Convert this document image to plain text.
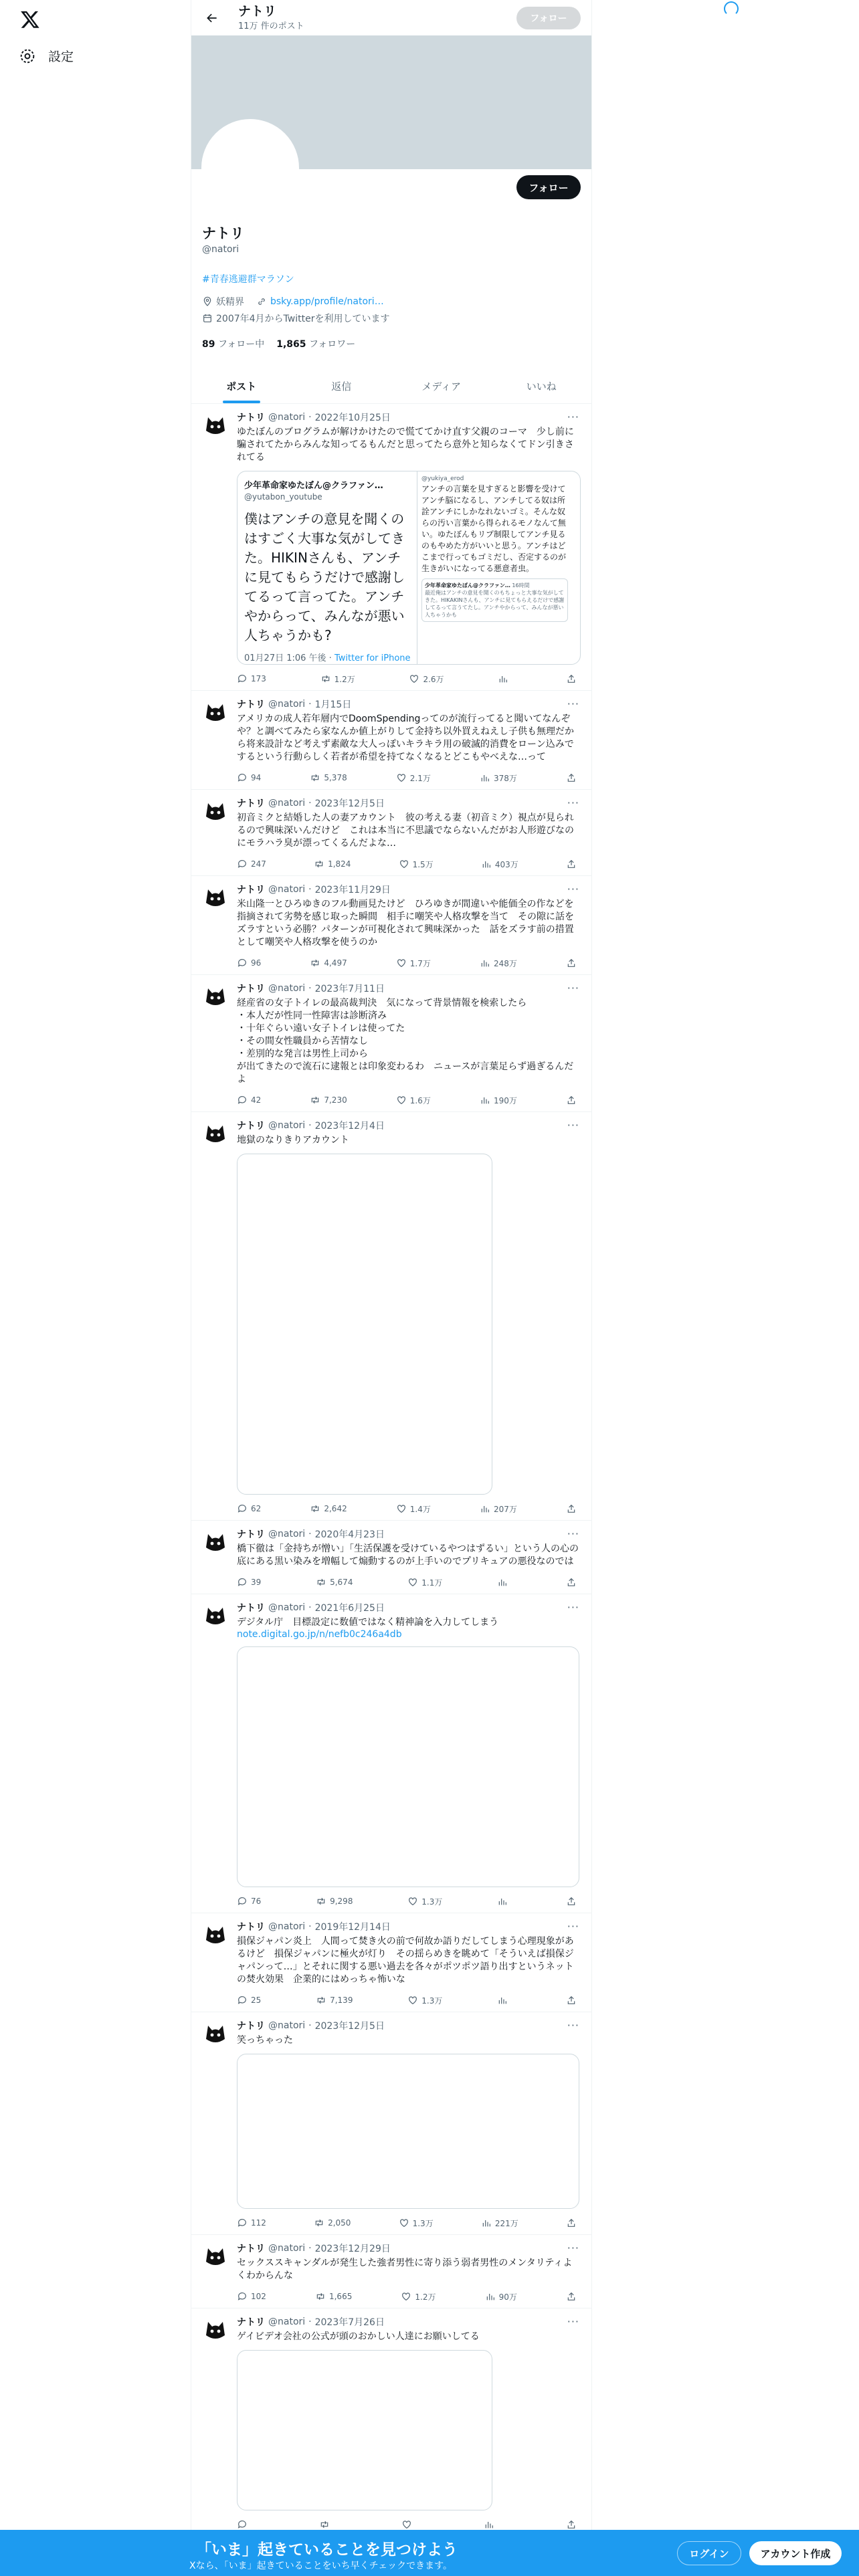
設定
ナトリ
11万 件のポスト
フォロー
フォロー
ナトリ
@natori
#青春逃避群マラソン
妖精界	bsky.app/profile/natori…
2007年4月からTwitterを利用しています
89 フォロー中 1,865 フォロワー
ポスト	返信	メディア	いいね
ナトリ @natori · 2022年10月25日
ゆたぼんのブログラムが解けかけたので慌ててかけ直す父親のコーマ　少し前に騙されてたからみんな知ってるもんだと思ってたら意外と知らなくてドン引きされてる
少年革命家ゆたぼん@クラファン…
@yutabon_youtube
僕はアンチの意見を聞くのはすごく大事な気がしてきた。HIKINさんも、アンチに見てもらうだけで感謝してるって言ってた。アンチやからって、みんなが悪い人ちゃうかも?
01月27日 1:06 午後 · Twitter for iPhone
@yukiya_erod
アンチの言葉を見すぎると影響を受けてアンチ脳になるし、アンチしてる奴は所詮アンチにしかなれないゴミ。そんな奴らの汚い言葉から得られるモノなんて無い。ゆたぼんもリプ制限してアンチ見るのもやめた方がいいと思う。アンチはどこまで行ってもゴミだし、否定するのが生きがいになってる悪意者虫。
少年革命家ゆたぼん@クラファン… 16時間
最近俺はアンチの意見を聞くのもちょっと大事な気がしてきた。HIKAKINさんも、アンチに見てもらえるだけで感謝してるって言うてたし。アンチやからって、みんなが悪い人ちゃうかも
173	1.2万	2.6万
···
ナトリ @natori · 1月15日
アメリカの成人若年層内でDoomSpendingってのが流行ってると聞いてなんぞや？と調べてみたら家なんか値上がりして金持ち以外買えねえし子供も無理だから将来設計など考えず素敵な大人っぽいキラキラ用の破滅的消費をローン込みでするという行動らしく若者が希望を持てなくなるとどこもやべえな…って
94	5,378	2.1万	378万
···
ナトリ @natori · 2023年12月5日
初音ミクと結婚した人の妻アカウント　彼の考える妻（初音ミク）視点が見られるので興味深いんだけど　これは本当に不思議でならないんだがお人形遊びなのにモラハラ臭が漂ってくるんだよな…
247	1,824	1.5万	403万
···
ナトリ @natori · 2023年11月29日
米山隆一とひろゆきのフル動画見たけど　ひろゆきが間違いや能価全の作などを指摘されて劣勢を感じ取った瞬間　相手に嘲笑や人格攻撃を当て　その隙に話をズラすという必勝？パターンが可視化されて興味深かった　話をズラす前の措置として嘲笑や人格攻撃を使うのか
96	4,497	1.7万	248万
···
ナトリ @natori · 2023年7月11日
経産省の女子トイレの最高裁判決　気になって背景情報を検索したら
・本人だが性同一性障害は診断済み
・十年ぐらい遠い女子トイレは使ってた
・その間女性職員から苦情なし
・差別的な発言は男性上司から
が出てきたので流石に逮報とは印象変わるわ　ニュースが言葉足らず過ぎるんだよ
42	7,230	1.6万	190万
···
ナトリ @natori · 2023年12月4日
地獄のなりきりアカウント
62	2,642	1.4万	207万
···
ナトリ @natori · 2020年4月23日
橋下徹は「金持ちが憎い」「生活保護を受けているやつはずるい」という人の心の底にある黒い染みを増幅して煽動するのが上手いのでプリキュアの悪役なのでは
39	5,674	1.1万
···
ナトリ @natori · 2021年6月25日
デジタル庁　目標設定に数値ではなく精神論を入力してしまう
note.digital.go.jp/n/nefb0c246a4db
76	9,298	1.3万
···
ナトリ @natori · 2019年12月14日
損保ジャパン炎上　人間って焚き火の前で何故か語りだしてしまう心理現象があるけど　損保ジャパンに極火が灯り　その揺らめきを眺めて「そういえば損保ジャパンって…」とそれに関する悪い過去を各々がポツポツ語り出すというネットの焚火効果　企業的にはめっちゃ怖いな
25	7,139	1.3万
···
ナトリ @natori · 2023年12月5日
笑っちゃった
112	2,050	1.3万	221万
···
ナトリ @natori · 2023年12月29日
セックススキャンダルが発生した強者男性に寄り添う弱者男性のメンタリティよくわからんな
102	1,665	1.2万	90万
···
ナトリ @natori · 2023年7月26日
ゲイビデオ会社の公式が頭のおかしい人達にお願いしてる
···
「いま」起きていることを見つけよう
Xなら、「いま」起きていることをいち早くチェックできます。
ログイン	アカウント作成
